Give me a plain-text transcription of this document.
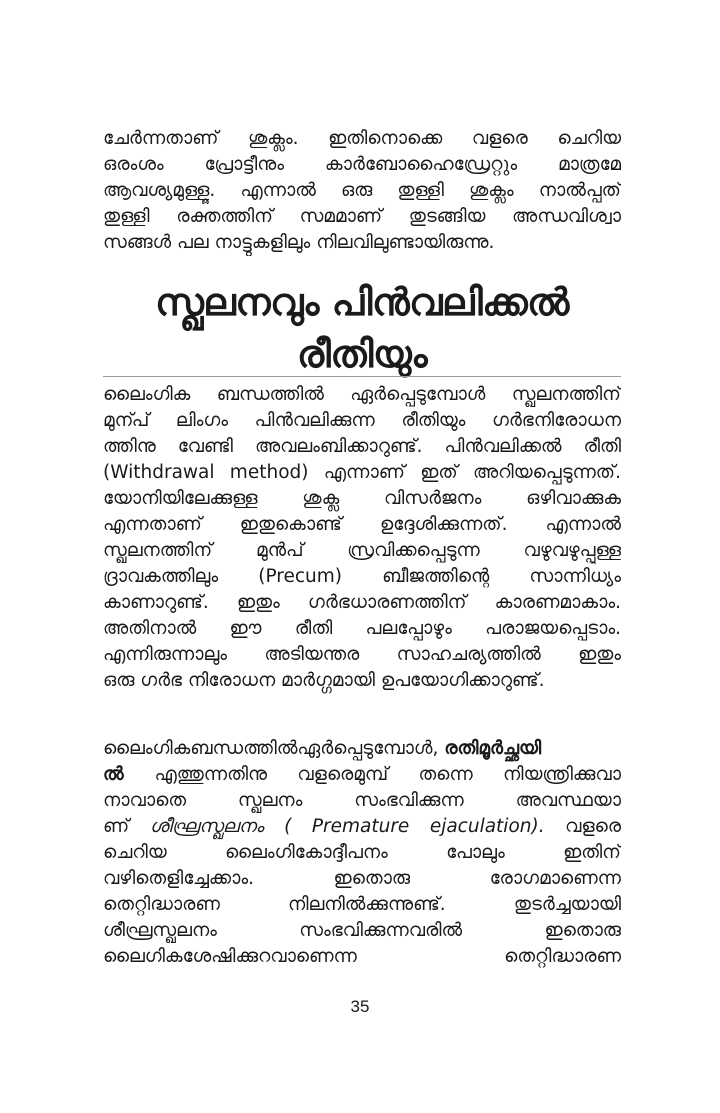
ചേർന്നതാണ് ശുക്ലം. ഇതിനൊക്കെ വളരെ ചെറിയ
ഒരംശം പ്രോട്ടീനും കാർബോഹൈഡ്രേറ്റും മാത്രമേ
ആവശ്യമുള്ളൂ. എന്നാൽ ഒരു തുള്ളി ശുക്ലം നാൽപ്പത്
തുള്ളി രക്തത്തിന് സമമാണ് തുടങ്ങിയ അന്ധവിശ്വാ
സങ്ങൾ പല നാട്ടുകളിലും നിലവിലുണ്ടായിരുന്നു.
സ്ഖലനവും പിൻവലിക്കൽ
രീതിയും
ലൈംഗിക ബന്ധത്തിൽ ഏർപ്പെടുമ്പോൾ സ്ഖലനത്തിന്
മുന്പ് ലിംഗം പിൻവലിക്കുന്ന രീതിയും ഗർഭനിരോധന
ത്തിനു വേണ്ടി അവലംബിക്കാറുണ്ട്. പിൻവലിക്കൽ രീതി
(Withdrawal method) എന്നാണ് ഇത് അറിയപ്പെടുന്നത്.
യോനിയിലേക്കുള്ള ശുക്ല വിസർജനം ഒഴിവാക്കുക
എന്നതാണ് ഇതുകൊണ്ട് ഉദ്ദേശിക്കുന്നത്. എന്നാൽ
സ്ഖലനത്തിന് മുൻപ് സ്രവിക്കപ്പെടുന്ന വഴുവഴുപ്പുള്ള
ദ്രാവകത്തിലും (Precum) ബീജത്തിന്റെ സാന്നിധ്യം
കാണാറുണ്ട്. ഇതും ഗർഭധാരണത്തിന് കാരണമാകാം.
അതിനാൽ ഈ രീതി പലപ്പോഴും പരാജയപ്പെടാം.
എന്നിരുന്നാലും അടിയന്തര സാഹചര്യത്തിൽ ഇതും
ഒരു ഗർഭ നിരോധന മാർഗ്ഗമായി ഉപയോഗിക്കാറുണ്ട്.
ലൈംഗികബന്ധത്തിൽഏർപ്പെടുമ്പോൾ, രതിമൂർച്ഛയി
ൽ എത്തുന്നതിനു വളരെമുമ്പ് തന്നെ നിയന്ത്രിക്കുവാ
നാവാതെ സ്ഖലനം സംഭവിക്കുന്ന അവസ്ഥയാ
ണ് ശീഘ്രസ്ഖലനം ( Premature ejaculation). വളരെ
ചെറിയ ലൈംഗികോദ്ദീപനം പോലും ഇതിന്
വഴിതെളിച്ചേക്കാം. ഇതൊരു രോഗമാണെന്ന
തെറ്റിദ്ധാരണ നിലനിൽക്കുന്നുണ്ട്. തുടർച്ചയായി
ശീഘ്രസ്ഖലനം സംഭവിക്കുന്നവരിൽ ഇതൊരു
ലൈഗികശേഷിക്കുറവാണെന്ന തെറ്റിദ്ധാരണ
35
